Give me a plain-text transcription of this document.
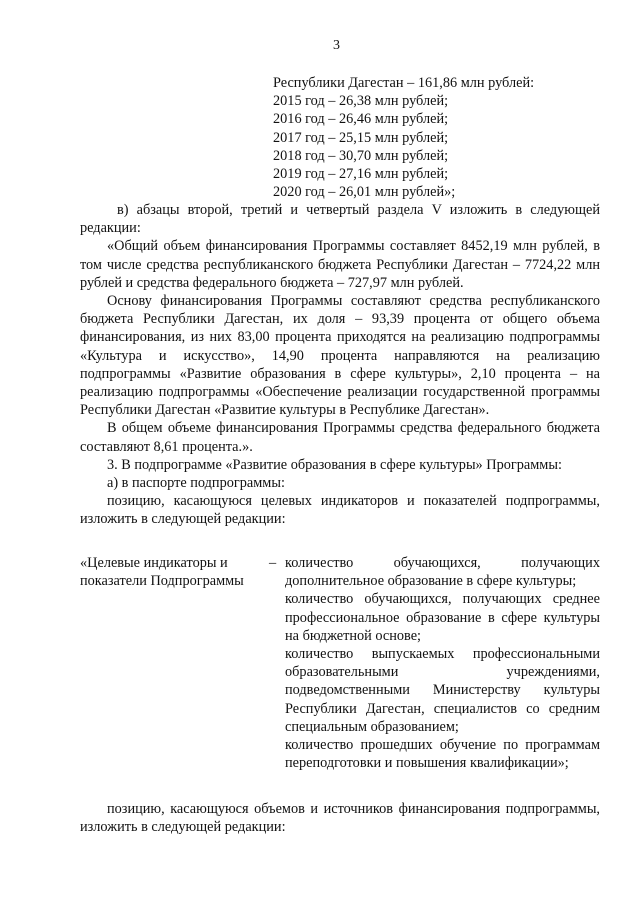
3
Республики Дагестан – 161,86 млн рублей:
2015 год – 26,38 млн рублей;
2016 год – 26,46 млн рублей;
2017 год – 25,15 млн рублей;
2018 год – 30,70 млн рублей;
2019 год – 27,16 млн рублей;
2020 год – 26,01 млн рублей»;

в) абзацы второй, третий и четвертый раздела V изложить в следующей редакции:

«Общий объем финансирования Программы составляет 8452,19 млн рублей, в том числе средства республиканского бюджета Республики Дагестан – 7724,22 млн рублей и средства федерального бюджета – 727,97 млн рублей.

Основу финансирования Программы составляют средства республиканского бюджета Республики Дагестан, их доля – 93,39 процента от общего объема финансирования, из них 83,00 процента приходятся на реализацию подпрограммы «Культура и искусство», 14,90 процента направляются на реализацию подпрограммы «Развитие образования в сфере культуры», 2,10 процента – на реализацию подпрограммы «Обеспечение реализации государственной программы Республики Дагестан «Развитие культуры в Республике Дагестан».

В общем объеме финансирования Программы средства федерального бюджета составляют 8,61 процента.».

3. В подпрограмме «Развитие образования в сфере культуры» Программы:

а) в паспорте подпрограммы:

позицию, касающуюся целевых индикаторов и показателей подпрограммы, изложить в следующей редакции:

«Целевые индикаторы и показатели Подпрограммы
– количество обучающихся, получающих дополнительное образование в сфере культуры;

количество обучающихся, получающих среднее профессиональное образование в сфере культуры на бюджетной основе;

количество выпускаемых профессиональными образовательными учреждениями, подведомственными Министерству культуры Республики Дагестан, специалистов со средним специальным образованием;

количество прошедших обучение по программам переподготовки и повышения квалификации»;

позицию, касающуюся объемов и источников финансирования подпрограммы, изложить в следующей редакции:
